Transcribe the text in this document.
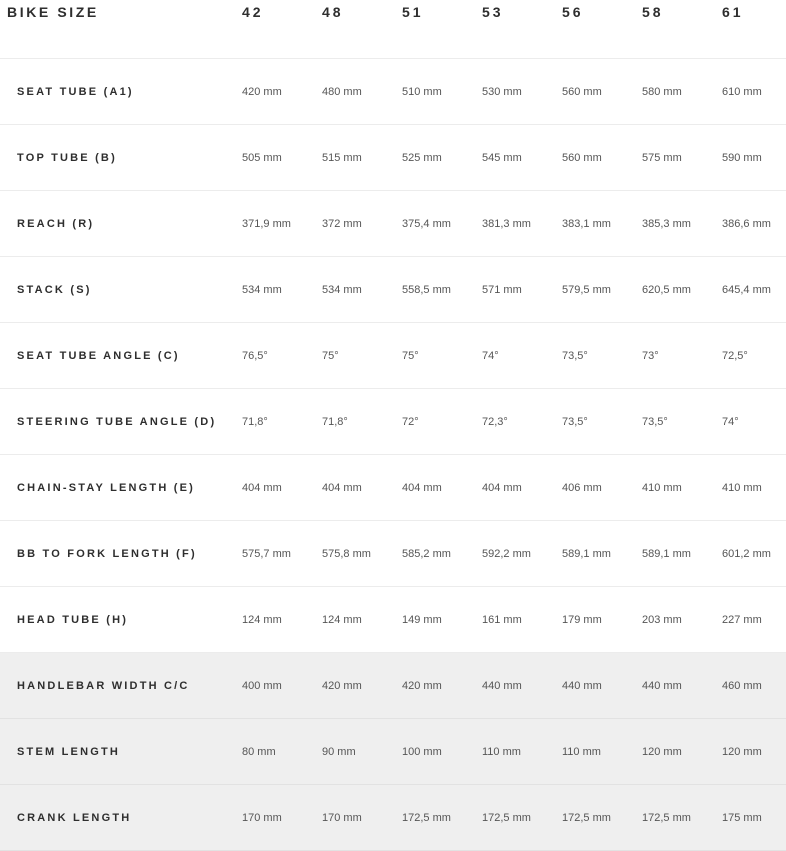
BIKE SIZE	42	48	51	53	56	58	61
SEAT TUBE (A1)	420 mm	480 mm	510 mm	530 mm	560 mm	580 mm	610 mm
TOP TUBE (B)	505 mm	515 mm	525 mm	545 mm	560 mm	575 mm	590 mm
REACH (R)	371,9 mm	372 mm	375,4 mm	381,3 mm	383,1 mm	385,3 mm	386,6 mm
STACK (S)	534 mm	534 mm	558,5 mm	571 mm	579,5 mm	620,5 mm	645,4 mm
SEAT TUBE ANGLE (C)	76,5°	75°	75°	74°	73,5°	73°	72,5°
STEERING TUBE ANGLE (D) 71,8°	71,8°	72°	72,3°	73,5°	73,5°	74°
CHAIN-STAY LENGTH (E)	404 mm	404 mm	404 mm	404 mm	406 mm	410 mm	410 mm
BB TO FORK LENGTH (F)	575,7 mm	575,8 mm	585,2 mm	592,2 mm	589,1 mm	589,1 mm	601,2 mm
HEAD TUBE (H)	124 mm	124 mm	149 mm	161 mm	179 mm	203 mm	227 mm
HANDLEBAR WIDTH C/C	400 mm	420 mm	420 mm	440 mm	440 mm	440 mm	460 mm
STEM LENGTH	80 mm	90 mm	100 mm	110 mm	110 mm	120 mm	120 mm
CRANK LENGTH	170 mm	170 mm	172,5 mm	172,5 mm	172,5 mm	172,5 mm	175 mm
